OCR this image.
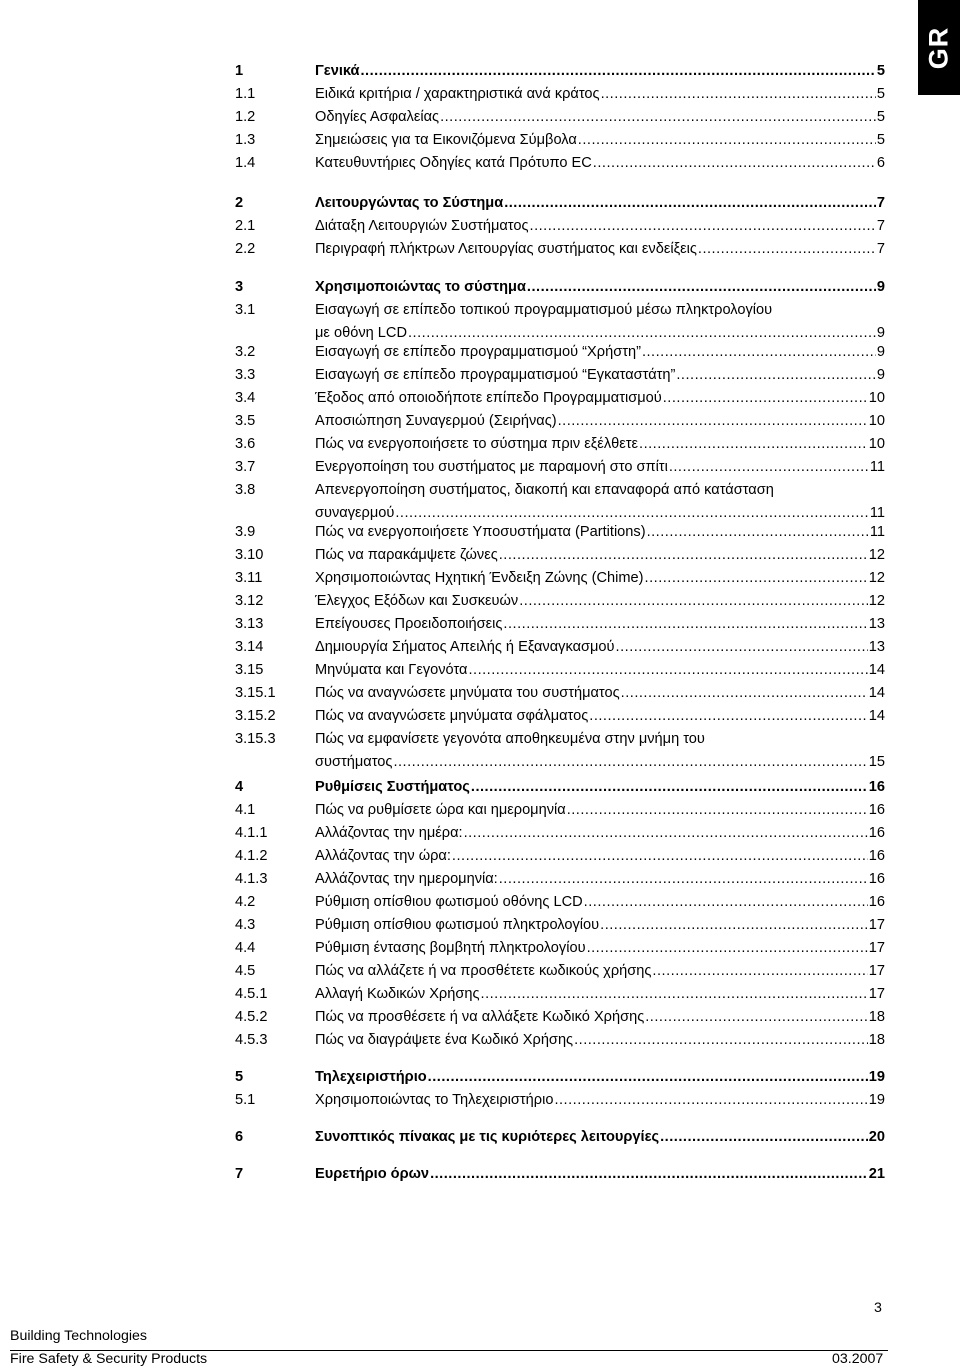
GR
1	Γενικά .....	5
1.1	Ειδικά κριτήρια / χαρακτηριστικά ανά κράτος .....	5
1.2	Οδηγίες Ασφαλείας .....	5
1.3	Σημειώσεις για τα Εικονιζόμενα Σύμβολα .....	5
1.4	Κατευθυντήριες Οδηγίες κατά Πρότυπο EC .....	6
2	Λειτουργώντας το Σύστημα .....	7
2.1	Διάταξη Λειτουργιών Συστήματος .....	7
2.2	Περιγραφή πλήκτρων Λειτουργίας συστήματος και ενδείξεις .....	7
3	Χρησιμοποιώντας το σύστημα .....	9
3.1	Εισαγωγή σε επίπεδο τοπικού προγραμματισμού μέσω πληκτρολογίου
με οθόνη LCD .....	9
3.2	Εισαγωγή σε επίπεδο προγραμματισμού “Χρήστη” .....	9
3.3	Εισαγωγή σε επίπεδο προγραμματισμού “Εγκαταστάτη” .....	9
3.4	Έξοδος από οποιοδήποτε επίπεδο Προγραμματισμού .....	10
3.5	Αποσιώπηση Συναγερμού (Σειρήνας) .....	10
3.6	Πώς να ενεργοποιήσετε το σύστημα πριν εξέλθετε .....	10
3.7	Ενεργοποίηση του συστήματος με παραμονή στο σπίτι .....	11
3.8	Απενεργοποίηση συστήματος, διακοπή και επαναφορά από κατάσταση
συναγερμού .....	11
3.9	Πώς να ενεργοποιήσετε Υποσυστήματα (Partitions) .....	11
3.10	Πώς να παρακάμψετε ζώνες .....	12
3.11	Χρησιμοποιώντας Ηχητική Ένδειξη Ζώνης (Chime) .....	12
3.12	Έλεγχος Εξόδων και Συσκευών .....	12
3.13	Επείγουσες Προειδοποιήσεις .....	13
3.14	Δημιουργία Σήματος Απειλής ή Εξαναγκασμού .....	13
3.15	Μηνύματα και Γεγονότα .....	14
3.15.1	Πώς να αναγνώσετε μηνύματα του συστήματος .....	14
3.15.2	Πώς να αναγνώσετε μηνύματα σφάλματος .....	14
3.15.3	Πώς να εμφανίσετε γεγονότα αποθηκευμένα στην μνήμη του
συστήματος .....	15
4	Ρυθμίσεις Συστήματος .....	16
4.1	Πώς να ρυθμίσετε ώρα και ημερομηνία .....	16
4.1.1	Αλλάζοντας την ημέρα: .....	16
4.1.2	Αλλάζοντας την ώρα: .....	16
4.1.3	Αλλάζοντας την ημερομηνία: .....	16
4.2	Ρύθμιση οπίσθιου φωτισμού οθόνης LCD .....	16
4.3	Ρύθμιση οπίσθιου φωτισμού πληκτρολογίου .....	17
4.4	Ρύθμιση έντασης βομβητή πληκτρολογίου .....	17
4.5	Πώς να αλλάζετε ή να προσθέτετε κωδικούς χρήσης .....	17
4.5.1	Αλλαγή Κωδικών Χρήσης .....	17
4.5.2	Πώς να προσθέσετε ή να αλλάξετε Κωδικό Χρήσης .....	18
4.5.3	Πώς να διαγράψετε ένα Κωδικό Χρήσης .....	18
5	Τηλεχειριστήριο .....	19
5.1	Χρησιμοποιώντας το Τηλεχειριστήριο .....	19
6	Συνοπτικός πίνακας με τις κυριότερες λειτουργίες .....	20
7	Ευρετήριο όρων .....	21
3
Building Technologies
Fire Safety & Security Products	03.2007
